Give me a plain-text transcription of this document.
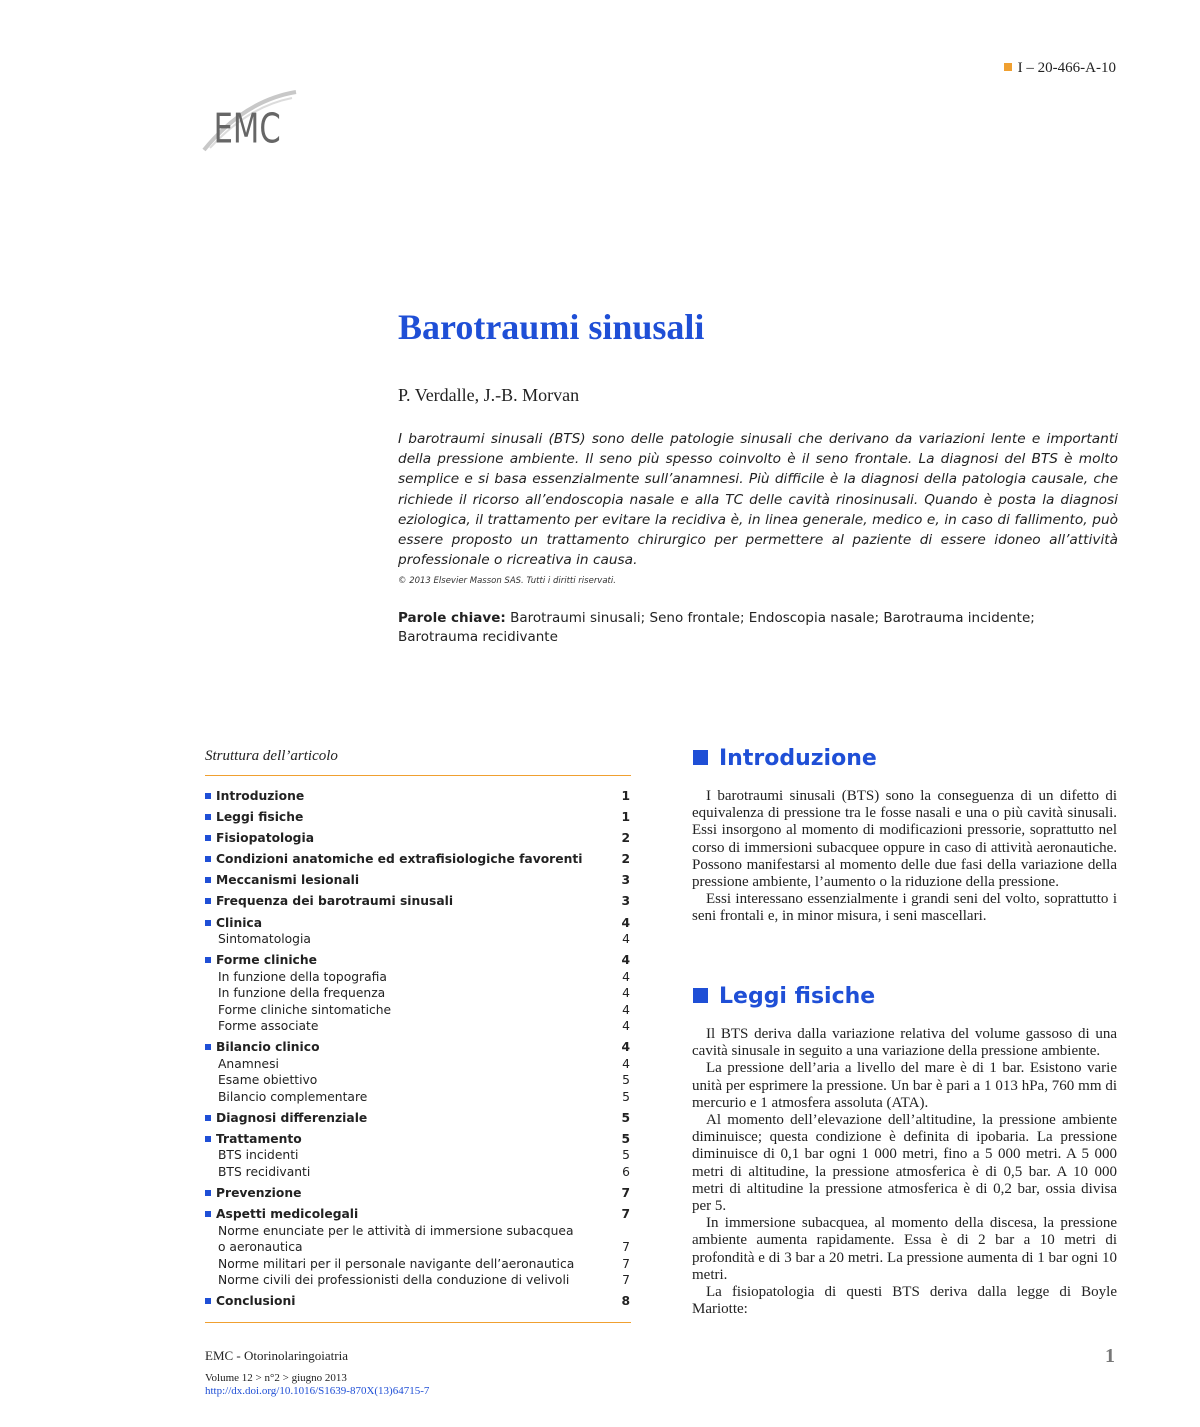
EMC
I – 20-466-A-10
Barotraumi sinusali
P. Verdalle, J.-B. Morvan

I barotraumi sinusali (BTS) sono delle patologie sinusali che derivano da variazioni lente e importanti della pressione ambiente. Il seno più spesso coinvolto è il seno frontale. La diagnosi del BTS è molto semplice e si basa essenzialmente sull’anamnesi. Più difficile è la diagnosi della patologia causale, che richiede il ricorso all’endoscopia nasale e alla TC delle cavità rinosinusali. Quando è posta la diagnosi eziologica, il trattamento per evitare la recidiva è, in linea generale, medico e, in caso di fallimento, può essere proposto un trattamento chirurgico per permettere al paziente di essere idoneo all’attività professionale o ricreativa in causa.

© 2013 Elsevier Masson SAS. Tutti i diritti riservati.

Parole chiave: Barotraumi sinusali; Seno frontale; Endoscopia nasale; Barotrauma incidente; Barotrauma recidivante

Struttura dell’articolo
Introduzione	1
Leggi fisiche	1
Fisiopatologia	2
Condizioni anatomiche ed extrafisiologiche favorenti	2
Meccanismi lesionali	3
Frequenza dei barotraumi sinusali	3
Clinica	4
Sintomatologia	4
Forme cliniche	4
In funzione della topografia	4
In funzione della frequenza	4
Forme cliniche sintomatiche	4
Forme associate	4
Bilancio clinico	4
Anamnesi	4
Esame obiettivo	5
Bilancio complementare	5
Diagnosi differenziale	5
Trattamento	5
BTS incidenti	5
BTS recidivanti	6
Prevenzione	7
Aspetti medicolegali	7
Norme enunciate per le attività di immersione subacquea
o aeronautica	7
Norme militari per il personale navigante dell’aeronautica	7
Norme civili dei professionisti della conduzione di velivoli	7
Conclusioni	8
Introduzione

I barotraumi sinusali (BTS) sono la conseguenza di un difetto di equivalenza di pressione tra le fosse nasali e una o più cavità sinusali. Essi insorgono al momento di modificazioni pressorie, soprattutto nel corso di immersioni subacquee oppure in caso di attività aeronautiche. Possono manifestarsi al momento delle due fasi della variazione della pressione ambiente, l’aumento o la riduzione della pressione.

Essi interessano essenzialmente i grandi seni del volto, soprattutto i seni frontali e, in minor misura, i seni mascellari.

Leggi fisiche

Il BTS deriva dalla variazione relativa del volume gassoso di una cavità sinusale in seguito a una variazione della pressione ambiente.

La pressione dell’aria a livello del mare è di 1 bar. Esistono varie unità per esprimere la pressione. Un bar è pari a 1 013 hPa, 760 mm di mercurio e 1 atmosfera assoluta (ATA).

Al momento dell’elevazione dell’altitudine, la pressione ambiente diminuisce; questa condizione è definita di ipobaria. La pressione diminuisce di 0,1 bar ogni 1 000 metri, fino a 5 000 metri. A 5 000 metri di altitudine, la pressione atmosferica è di 0,5 bar. A 10 000 metri di altitudine la pressione atmosferica è di 0,2 bar, ossia divisa per 5.

In immersione subacquea, al momento della discesa, la pressione ambiente aumenta rapidamente. Essa è di 2 bar a 10 metri di profondità e di 3 bar a 20 metri. La pressione aumenta di 1 bar ogni 10 metri.

La fisiopatologia di questi BTS deriva dalla legge di Boyle Mariotte:

EMC - Otorinolaringoiatria
Volume 12 > n°2 > giugno 2013
http://dx.doi.org/10.1016/S1639-870X(13)64715-7
1
